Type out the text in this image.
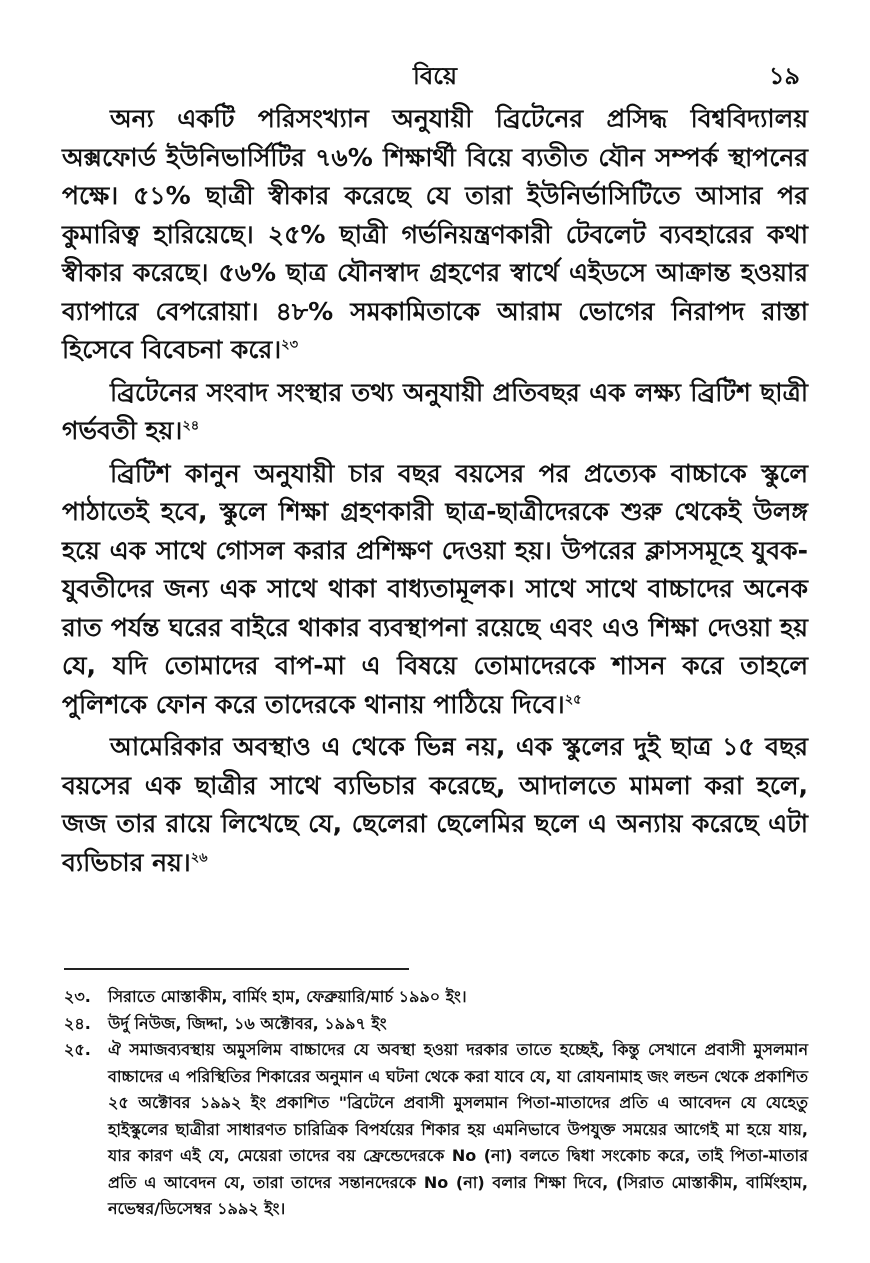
বিয়ে	১৯

অন্য একটি পরিসংখ্যান অনুযায়ী ব্রিটেনের প্রসিদ্ধ বিশ্ববিদ্যালয় অক্সফোর্ড ইউনিভার্সিটির ৭৬% শিক্ষার্থী বিয়ে ব্যতীত যৌন সম্পর্ক স্থাপনের পক্ষে। ৫১% ছাত্রী স্বীকার করেছে যে তারা ইউনির্ভাসিটিতে আসার পর কুমারিত্ব হারিয়েছে। ২৫% ছাত্রী গর্ভনিয়ন্ত্রণকারী টেবলেট ব্যবহারের কথা স্বীকার করেছে। ৫৬% ছাত্র যৌনস্বাদ গ্রহণের স্বার্থে এইডসে আক্রান্ত হওয়ার ব্যাপারে বেপরোয়া। ৪৮% সমকামিতাকে আরাম ভোগের নিরাপদ রাস্তা হিসেবে বিবেচনা করে।$^{২৩}$

ব্রিটেনের সংবাদ সংস্থার তথ্য অনুযায়ী প্রতিবছর এক লক্ষ্য ব্রিটিশ ছাত্রী গর্ভবতী হয়।$^{২৪}$

ব্রিটিশ কানুন অনুযায়ী চার বছর বয়সের পর প্রত্যেক বাচ্চাকে স্কুলে পাঠাতেই হবে, স্কুলে শিক্ষা গ্রহণকারী ছাত্র-ছাত্রীদেরকে শুরু থেকেই উলঙ্গ হয়ে এক সাথে গোসল করার প্রশিক্ষণ দেওয়া হয়। উপরের ক্লাসসমূহে যুবক-যুবতীদের জন্য এক সাথে থাকা বাধ্যতামূলক। সাথে সাথে বাচ্চাদের অনেক রাত পর্যন্ত ঘরের বাইরে থাকার ব্যবস্থাপনা রয়েছে এবং এও শিক্ষা দেওয়া হয় যে, যদি তোমাদের বাপ-মা এ বিষয়ে তোমাদেরকে শাসন করে তাহলে পুলিশকে ফোন করে তাদেরকে থানায় পাঠিয়ে দিবে।$^{২৫}$

আমেরিকার অবস্থাও এ থেকে ভিন্ন নয়, এক স্কুলের দুই ছাত্র ১৫ বছর বয়সের এক ছাত্রীর সাথে ব্যভিচার করেছে, আদালতে মামলা করা হলে, জজ তার রায়ে লিখেছে যে, ছেলেরা ছেলেমির ছলে এ অন্যায় করেছে এটা ব্যভিচার নয়।$^{২৬}$

২৩.	সিরাতে মোস্তাকীম, বার্মিং হাম, ফেব্রুয়ারি/মার্চ ১৯৯০ ইং।
২৪.	উর্দু নিউজ, জিদ্দা, ১৬ অক্টোবর, ১৯৯৭ ইং
২৫.	ঐ সমাজব্যবস্থায় অমুসলিম বাচ্চাদের যে অবস্থা হওয়া দরকার তাতে হচ্ছেই, কিন্তু সেখানে প্রবাসী মুসলমান বাচ্চাদের এ পরিস্থিতির শিকারের অনুমান এ ঘটনা থেকে করা যাবে যে, যা রোযনামাহ জং লন্ডন থেকে প্রকাশিত ২৫ অক্টোবর ১৯৯২ ইং প্রকাশিত "ব্রিটেনে প্রবাসী মুসলমান পিতা-মাতাদের প্রতি এ আবেদন যে যেহেতু হাইস্কুলের ছাত্রীরা সাধারণত চারিত্রিক বিপর্যয়ের শিকার হয় এমনিভাবে উপযুক্ত সময়ের আগেই মা হয়ে যায়, যার কারণ এই যে, মেয়েরা তাদের বয় ফ্রেন্ডেদেরকে No (না) বলতে দ্বিধা সংকোচ করে, তাই পিতা-মাতার প্রতি এ আবেদন যে, তারা তাদের সন্তানদেরকে No (না) বলার শিক্ষা দিবে, (সিরাত মোস্তাকীম, বার্মিংহাম, নভেম্বর/ডিসেম্বর ১৯৯২ ইং।
